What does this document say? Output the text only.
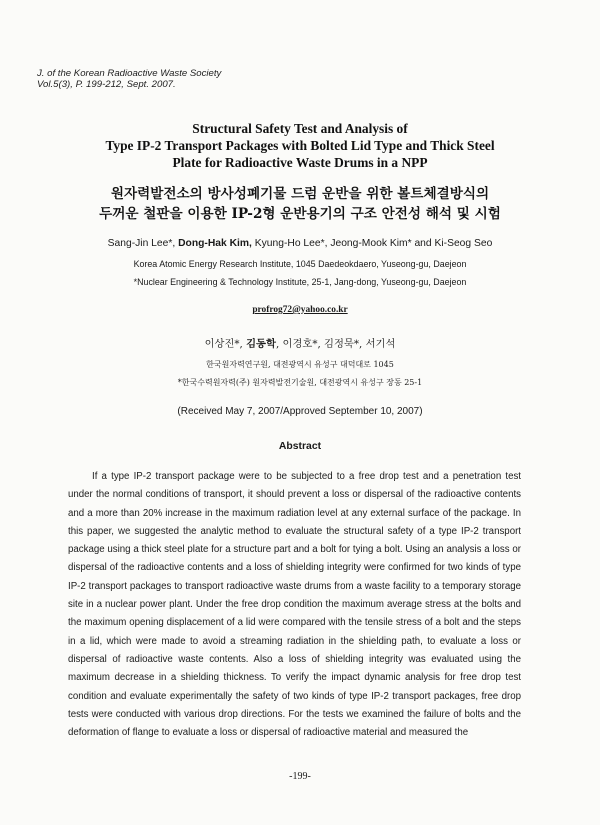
J. of the Korean Radioactive Waste Society
Vol.5(3), P. 199-212, Sept. 2007.
Structural Safety Test and Analysis of
Type IP-2 Transport Packages with Bolted Lid Type and Thick Steel
Plate for Radioactive Waste Drums in a NPP
원자력발전소의 방사성폐기물 드럼 운반을 위한 볼트체결방식의
두꺼운 철판을 이용한 IP-2형 운반용기의 구조 안전성 해석 및 시험
Sang-Jin Lee*, Dong-Hak Kim, Kyung-Ho Lee*, Jeong-Mook Kim* and Ki-Seog Seo
Korea Atomic Energy Research Institute, 1045 Daedeokdaero, Yuseong-gu, Daejeon
*Nuclear Engineering & Technology Institute, 25-1, Jang-dong, Yuseong-gu, Daejeon
profrog72@yahoo.co.kr
이상진*, 김동학, 이경호*, 김정묵*, 서기석
한국원자력연구원, 대전광역시 유성구 대덕대로 1045
*한국수력원자력(주) 원자력발전기술원, 대전광역시 유성구 장동 25-1
(Received May 7, 2007/Approved September 10, 2007)
Abstract

If a type IP-2 transport package were to be subjected to a free drop test and a penetration test under the normal conditions of transport, it should prevent a loss or dispersal of the radioactive contents and a more than 20% increase in the maximum radiation level at any external surface of the package. In this paper, we suggested the analytic method to evaluate the structural safety of a type IP-2 transport package using a thick steel plate for a structure part and a bolt for tying a bolt. Using an analysis a loss or dispersal of the radioactive contents and a loss of shielding integrity were confirmed for two kinds of type IP-2 transport packages to transport radioactive waste drums from a waste facility to a temporary storage site in a nuclear power plant. Under the free drop condition the maximum average stress at the bolts and the maximum opening displacement of a lid were compared with the tensile stress of a bolt and the steps in a lid, which were made to avoid a streaming radiation in the shielding path, to evaluate a loss or dispersal of radioactive waste contents. Also a loss of shielding integrity was evaluated using the maximum decrease in a shielding thickness. To verify the impact dynamic analysis for free drop test condition and evaluate experimentally the safety of two kinds of type IP-2 transport packages, free drop tests were conducted with various drop directions. For the tests we examined the failure of bolts and the deformation of flange to evaluate a loss or dispersal of radioactive material and measured the

-199-
